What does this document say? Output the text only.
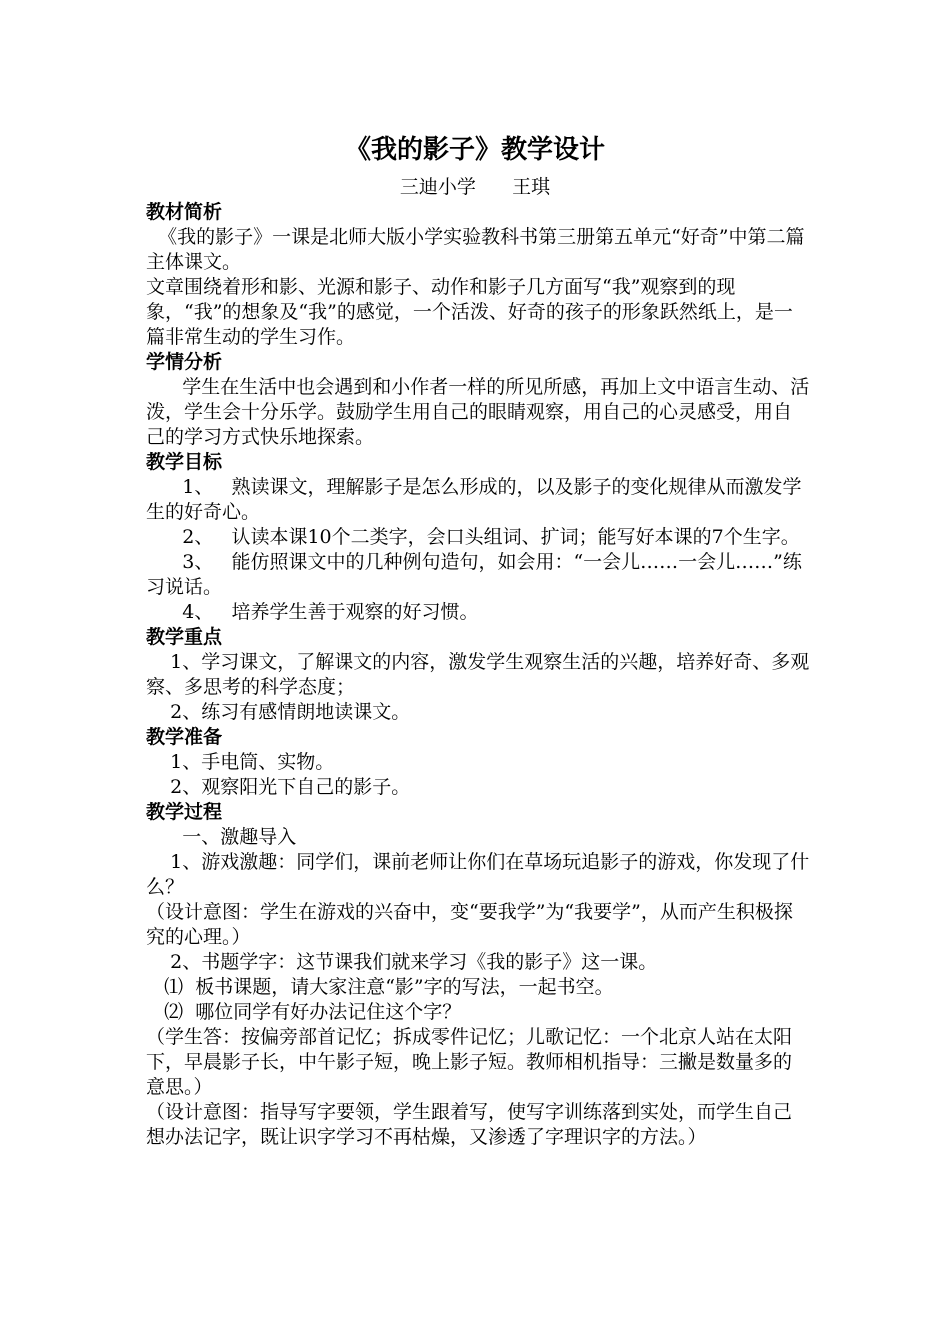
《我的影子》教学设计
三迪小学      王琪
教材简析
《我的影子》一课是北师大版小学实验教科书第三册第五单元“好奇”中第二篇主体课文。
文章围绕着形和影、光源和影子、动作和影子几方面写“我”观察到的现象，“我”的想象及“我”的感觉，一个活泼、好奇的孩子的形象跃然纸上，是一篇非常生动的学生习作。
学情分析
学生在生活中也会遇到和小作者一样的所见所感，再加上文中语言生动、活泼，学生会十分乐学。鼓励学生用自己的眼睛观察，用自己的心灵感受，用自己的学习方式快乐地探索。
教学目标
1、   熟读课文，理解影子是怎么形成的，以及影子的变化规律从而激发学生的好奇心。
2、   认读本课10个二类字，会口头组词、扩词；能写好本课的7个生字。
3、   能仿照课文中的几种例句造句，如会用：“一会儿……一会儿……”练习说话。
4、   培养学生善于观察的好习惯。
教学重点
1、学习课文，了解课文的内容，激发学生观察生活的兴趣，培养好奇、多观察、多思考的科学态度；
2、练习有感情朗地读课文。
教学准备
1、手电筒、实物。
2、观察阳光下自己的影子。
教学过程
一、激趣导入
1、游戏激趣：同学们，课前老师让你们在草场玩追影子的游戏，你发现了什么？
（设计意图：学生在游戏的兴奋中，变“要我学”为“我要学”，从而产生积极探究的心理。）
2、书题学字：这节课我们就来学习《我的影子》这一课。
⑴  板书课题，请大家注意“影”字的写法，一起书空。
⑵  哪位同学有好办法记住这个字？
（学生答：按偏旁部首记忆；拆成零件记忆；儿歌记忆：一个北京人站在太阳下，早晨影子长，中午影子短，晚上影子短。教师相机指导：三撇是数量多的意思。）
（设计意图：指导写字要领，学生跟着写，使写字训练落到实处，而学生自己想办法记字，既让识字学习不再枯燥，又渗透了字理识字的方法。）
